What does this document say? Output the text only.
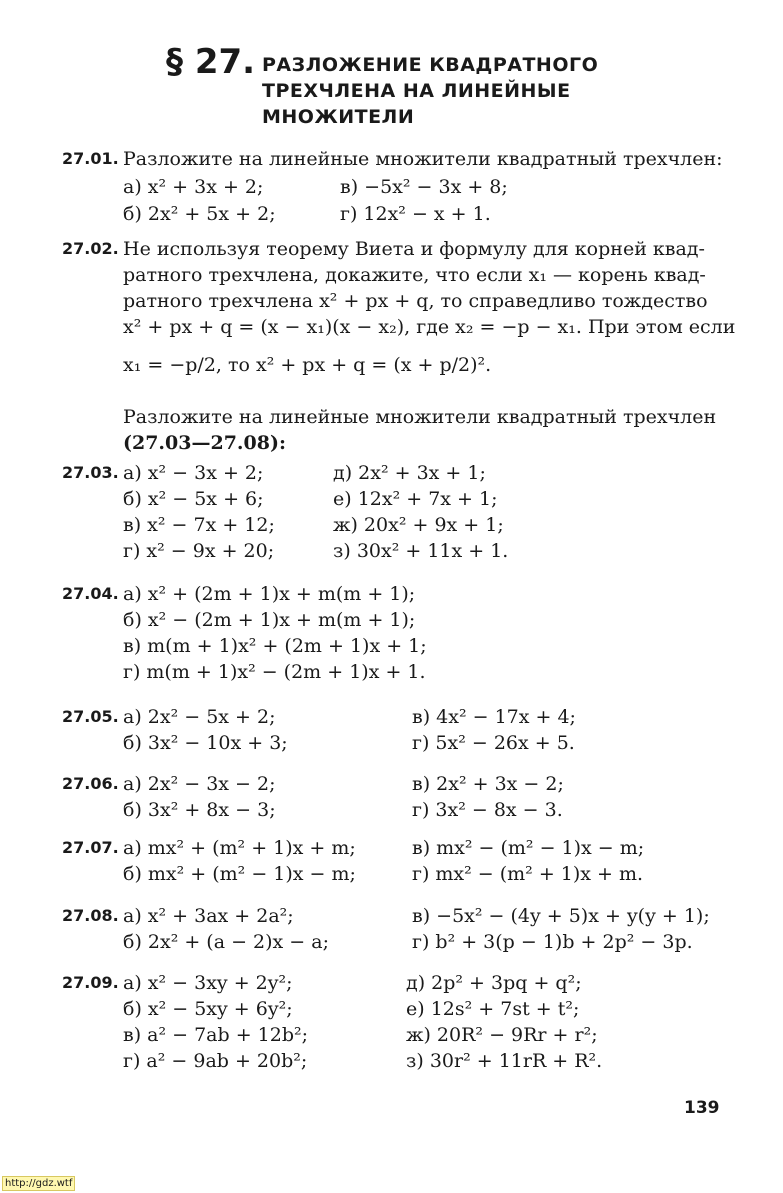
§ 27. РАЗЛОЖЕНИЕ КВАДРАТНОГО
ТРЕХЧЛЕНА НА ЛИНЕЙНЫЕ
МНОЖИТЕЛИ
27.01. Разложите на линейные множители квадратный трехчлен:
а) x² + 3x + 2;
б) 2x² + 5x + 2;
в) −5x² − 3x + 8;
г) 12x² − x + 1.
27.02. Не используя теорему Виета и формулу для корней квад-
ратного трехчлена, докажите, что если x₁ — корень квад-
ратного трехчлена x² + px + q, то справедливо тождество
x² + px + q = (x − x₁)(x − x₂), где x₂ = −p − x₁. При этом если
x₁ = −p/2, то x² + px + q = (x + p/2)².
Разложите на линейные множители квадратный трехчлен
(27.03—27.08):
27.03. а) x² − 3x + 2;
б) x² − 5x + 6;
в) x² − 7x + 12;
г) x² − 9x + 20;
д) 2x² + 3x + 1;
е) 12x² + 7x + 1;
ж) 20x² + 9x + 1;
з) 30x² + 11x + 1.
27.04. а) x² + (2m + 1)x + m(m + 1);
б) x² − (2m + 1)x + m(m + 1);
в) m(m + 1)x² + (2m + 1)x + 1;
г) m(m + 1)x² − (2m + 1)x + 1.
27.05. а) 2x² − 5x + 2;
б) 3x² − 10x + 3;
в) 4x² − 17x + 4;
г) 5x² − 26x + 5.
27.06. а) 2x² − 3x − 2;
б) 3x² + 8x − 3;
в) 2x² + 3x − 2;
г) 3x² − 8x − 3.
27.07. а) mx² + (m² + 1)x + m;
б) mx² + (m² − 1)x − m;
в) mx² − (m² − 1)x − m;
г) mx² − (m² + 1)x + m.
27.08. а) x² + 3ax + 2a²;
б) 2x² + (a − 2)x − a;
в) −5x² − (4y + 5)x + y(y + 1);
г) b² + 3(p − 1)b + 2p² − 3p.
27.09. а) x² − 3xy + 2y²;
б) x² − 5xy + 6y²;
в) a² − 7ab + 12b²;
г) a² − 9ab + 20b²;
д) 2p² + 3pq + q²;
е) 12s² + 7st + t²;
ж) 20R² − 9Rr + r²;
з) 30r² + 11rR + R².
139
http://gdz.wtf
